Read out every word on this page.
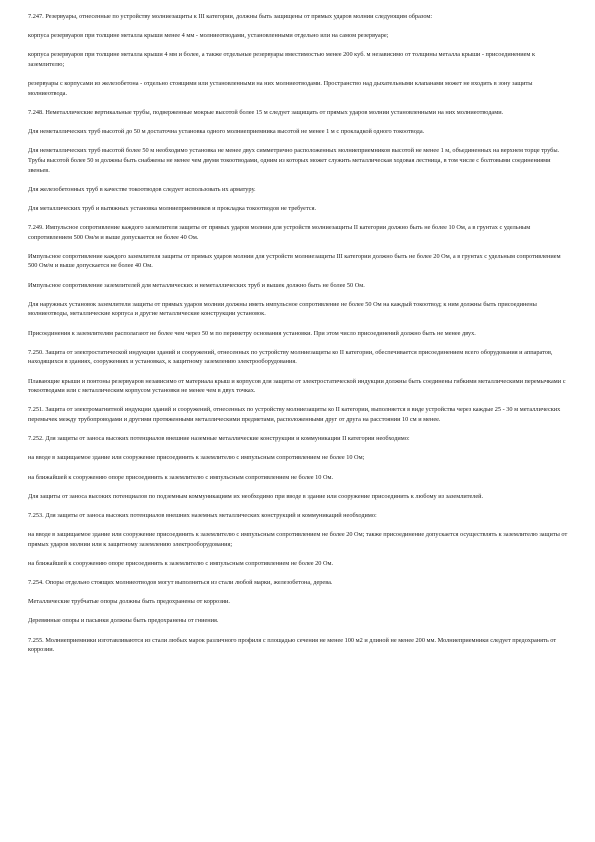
7.247. Резервуары, отнесенные по устройству молниезащиты к III категории, должны быть защищены от прямых ударов молнии следующим образом:

корпуса резервуаров при толщине металла крыши менее 4 мм - молниеотводами, установленными отдельно или на самом резервуаре;

корпуса резервуаров при толщине металла крыши 4 мм и более, а также отдельные резервуары вместимостью менее 200 куб. м независимо от толщины металла крыши - присоединением к заземлителю;

резервуары с корпусами из железобетона - отдельно стоящими или установленными на них молниеотводами. Пространство над дыхательными клапанами может не входить в зону защиты молниеотвода.

7.248. Неметаллические вертикальные трубы, подверженные мокрые высотой более 15 м следует защищать от прямых ударов молнии установленными на них молниеотводами.

Для неметаллических труб высотой до 50 м достаточна установка одного молниеприемника высотой не менее 1 м с прокладкой одного токоотвода.

Для неметаллических труб высотой более 50 м необходимо установка не менее двух симметрично расположенных молниеприемников высотой не менее 1 м, объединенных на верхнем торце трубы. Трубы высотой более 50 м должны быть снабжены не менее чем двумя токоотводами, одним из которых может служить металлическая ходовая лестница, в том числе с болтовыми соединениями звеньев.

Для железобетонных труб в качестве токоотводов следует использовать их арматуру.

Для металлических труб и вытяжных установка молниеприемников и прокладка токоотводов не требуется.

7.249. Импульсное сопротивление каждого заземлителя защиты от прямых ударов молнии для устройств молниезащиты II категории должно быть не более 10 Ом, а в грунтах с удельным сопротивлением 500 Ом/м и выше допускается не более 40 Ом.

Импульсное сопротивление каждого заземлителя защиты от прямых ударов молнии для устройств молниезащиты III категории должно быть не более 20 Ом, а в грунтах с удельным сопротивлением 500 Ом/м и выше допускается не более 40 Ом.

Импульсное сопротивление заземлителей для металлических и неметаллических труб и вышек должно быть не более 50 Ом.

Для наружных установок заземлители защиты от прямых ударов молнии должны иметь импульсное сопротивление не более 50 Ом на каждый токоотвод; к ним должны быть присоединены молниеотводы, металлические корпуса и другие металлические конструкции установок.

Присоединения к заземлителям располагают не более чем через 50 м по периметру основания установки. При этом число присоединений должно быть не менее двух.

7.250. Защита от электростатической индукции зданий и сооружений, отнесенных по устройству молниезащиты ко II категории, обеспечивается присоединением всего оборудования и аппаратов, находящихся в зданиях, сооружениях и установках, к защитному заземлению электрооборудования.

Плавающие крыши и понтоны резервуаров независимо от материала крыш и корпусов для защиты от электростатической индукции должны быть соединены гибкими металлическими перемычками с токоотводами или с металлическим корпусом установки не менее чем в двух точках.

7.251. Защита от электромагнитной индукции зданий и сооружений, отнесенных по устройству молниезащиты ко II категории, выполняется в виде устройства через каждые 25 - 30 м металлических перемычек между трубопроводами и другими протяженными металлическими предметами, расположенными друг от друга на расстоянии 10 см и менее.

7.252. Для защиты от заноса высоких потенциалов внешние наземные металлические конструкции и коммуникации II категории необходимо:

на вводе в защищаемое здание или сооружение присоединить к заземлителю с импульсным сопротивлением не более 10 Ом;

на ближайшей к сооружению опоре присоединить к заземлителю с импульсным сопротивлением не более 10 Ом.

Для защиты от заноса высоких потенциалов по подземным коммуникациям их необходимо при вводе в здание или сооружение присоединить к любому из заземлителей.

7.253. Для защиты от заноса высоких потенциалов внешних наземных металлических конструкций и коммуникаций необходимо:

на вводе в защищаемое здание или сооружение присоединить к заземлителю с импульсным сопротивлением не более 20 Ом; также присоединение допускается осуществлять к заземлителю защиты от прямых ударов молнии или к защитному заземлению электрооборудования;

на ближайшей к сооружению опоре присоединить к заземлителю с импульсным сопротивлением не более 20 Ом.

7.254. Опоры отдельно стоящих молниеотводов могут выполняться из стали любой марки, железобетона, дерева.

Металлические трубчатые опоры должны быть предохранены от коррозии.

Деревянные опоры и пасынки должны быть предохранены от гниения.

7.255. Молниеприемники изготавливаются из стали любых марок различного профиля с площадью сечения не менее 100 м2 и длиной не менее 200 мм. Молниеприемники следует предохранять от коррозии.
